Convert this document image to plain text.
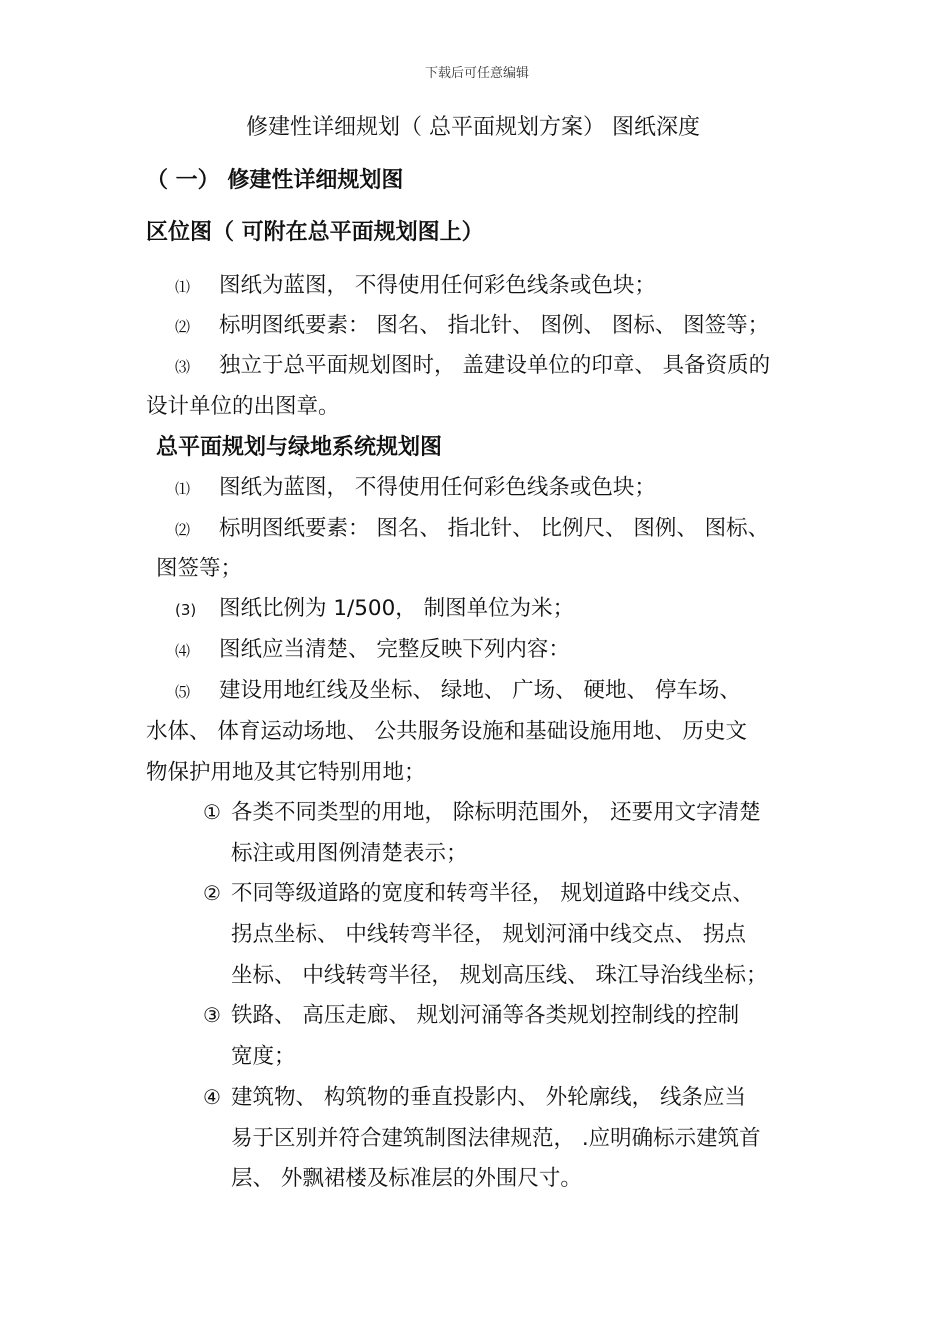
下载后可任意编辑
修建性详细规划（ 总平面规划方案） 图纸深度
（ 一） 修建性详细规划图
区位图（ 可附在总平面规划图上）
⑴ 图纸为蓝图， 不得使用任何彩色线条或色块；
⑵ 标明图纸要素： 图名、 指北针、 图例、 图标、 图签等；
⑶ 独立于总平面规划图时， 盖建设单位的印章、 具备资质的
设计单位的出图章。
总平面规划与绿地系统规划图
⑴ 图纸为蓝图， 不得使用任何彩色线条或色块；
⑵ 标明图纸要素： 图名、 指北针、 比例尺、 图例、 图标、
图签等；
(3) 图纸比例为 1/500， 制图单位为米；
⑷ 图纸应当清楚、 完整反映下列内容：
⑸ 建设用地红线及坐标、 绿地、 广场、 硬地、 停车场、
水体、 体育运动场地、 公共服务设施和基础设施用地、 历史文
物保护用地及其它特别用地；
① 各类不同类型的用地， 除标明范围外， 还要用文字清楚
标注或用图例清楚表示；
② 不同等级道路的宽度和转弯半径， 规划道路中线交点、
拐点坐标、 中线转弯半径， 规划河涌中线交点、 拐点
坐标、 中线转弯半径， 规划高压线、 珠江导治线坐标；
③ 铁路、 高压走廊、 规划河涌等各类规划控制线的控制
宽度；
④ 建筑物、 构筑物的垂直投影内、 外轮廓线， 线条应当
易于区别并符合建筑制图法律规范， .应明确标示建筑首
层、 外飘裙楼及标准层的外围尺寸。
